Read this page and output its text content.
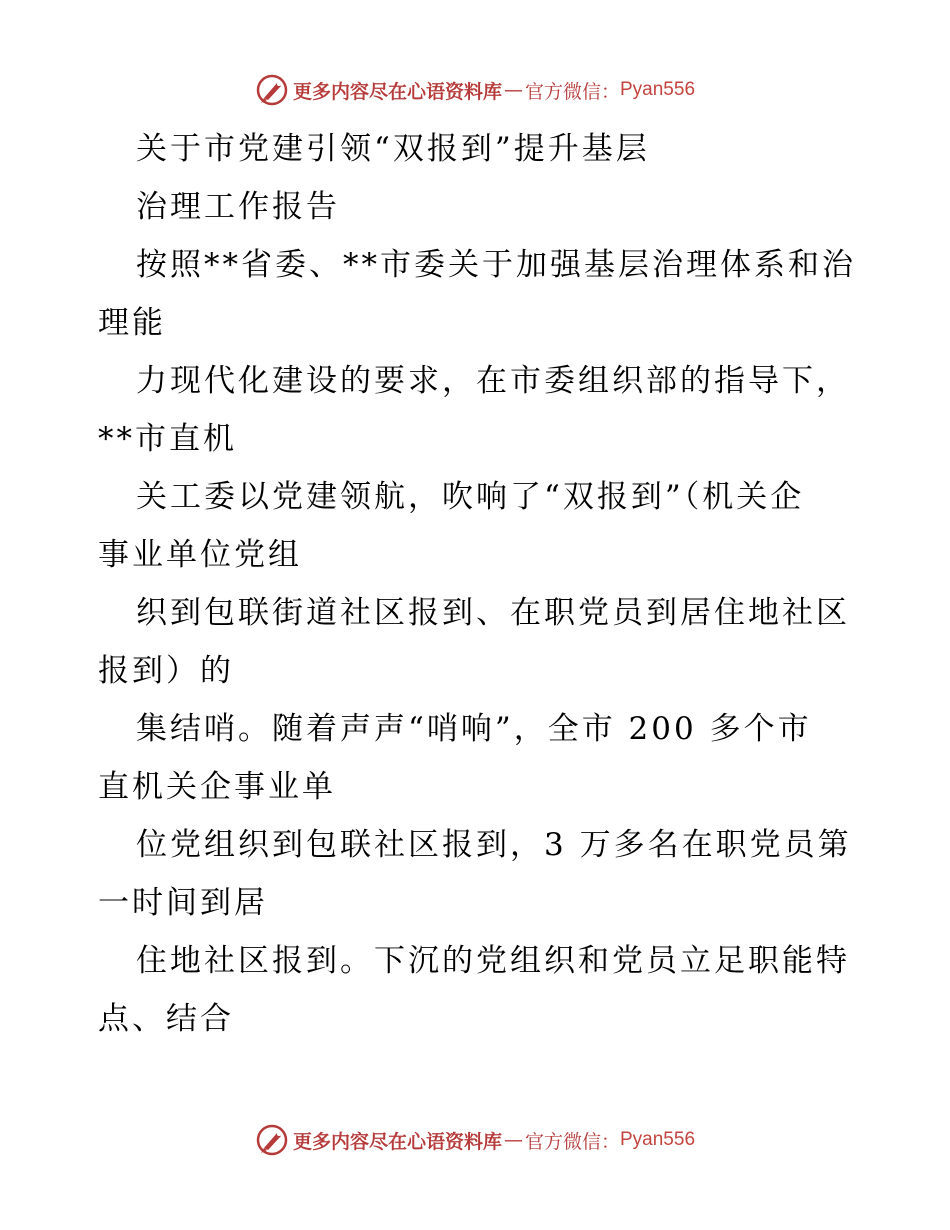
更多内容尽在心语资料库 — 官方微信： Pyan556
关于市党建引领“双报到”提升基层
治理工作报告
按照**省委、**市委关于加强基层治理体系和治
理能
力现代化建设的要求，在市委组织部的指导下，
**市直机
关工委以党建领航，吹响了“双报到”（机关企
事业单位党组
织到包联街道社区报到、在职党员到居住地社区
报到）的
集结哨。随着声声“哨响”，全市 200 多个市
直机关企事业单
位党组织到包联社区报到，3 万多名在职党员第
一时间到居
住地社区报到。下沉的党组织和党员立足职能特
点、结合
更多内容尽在心语资料库 — 官方微信： Pyan556
